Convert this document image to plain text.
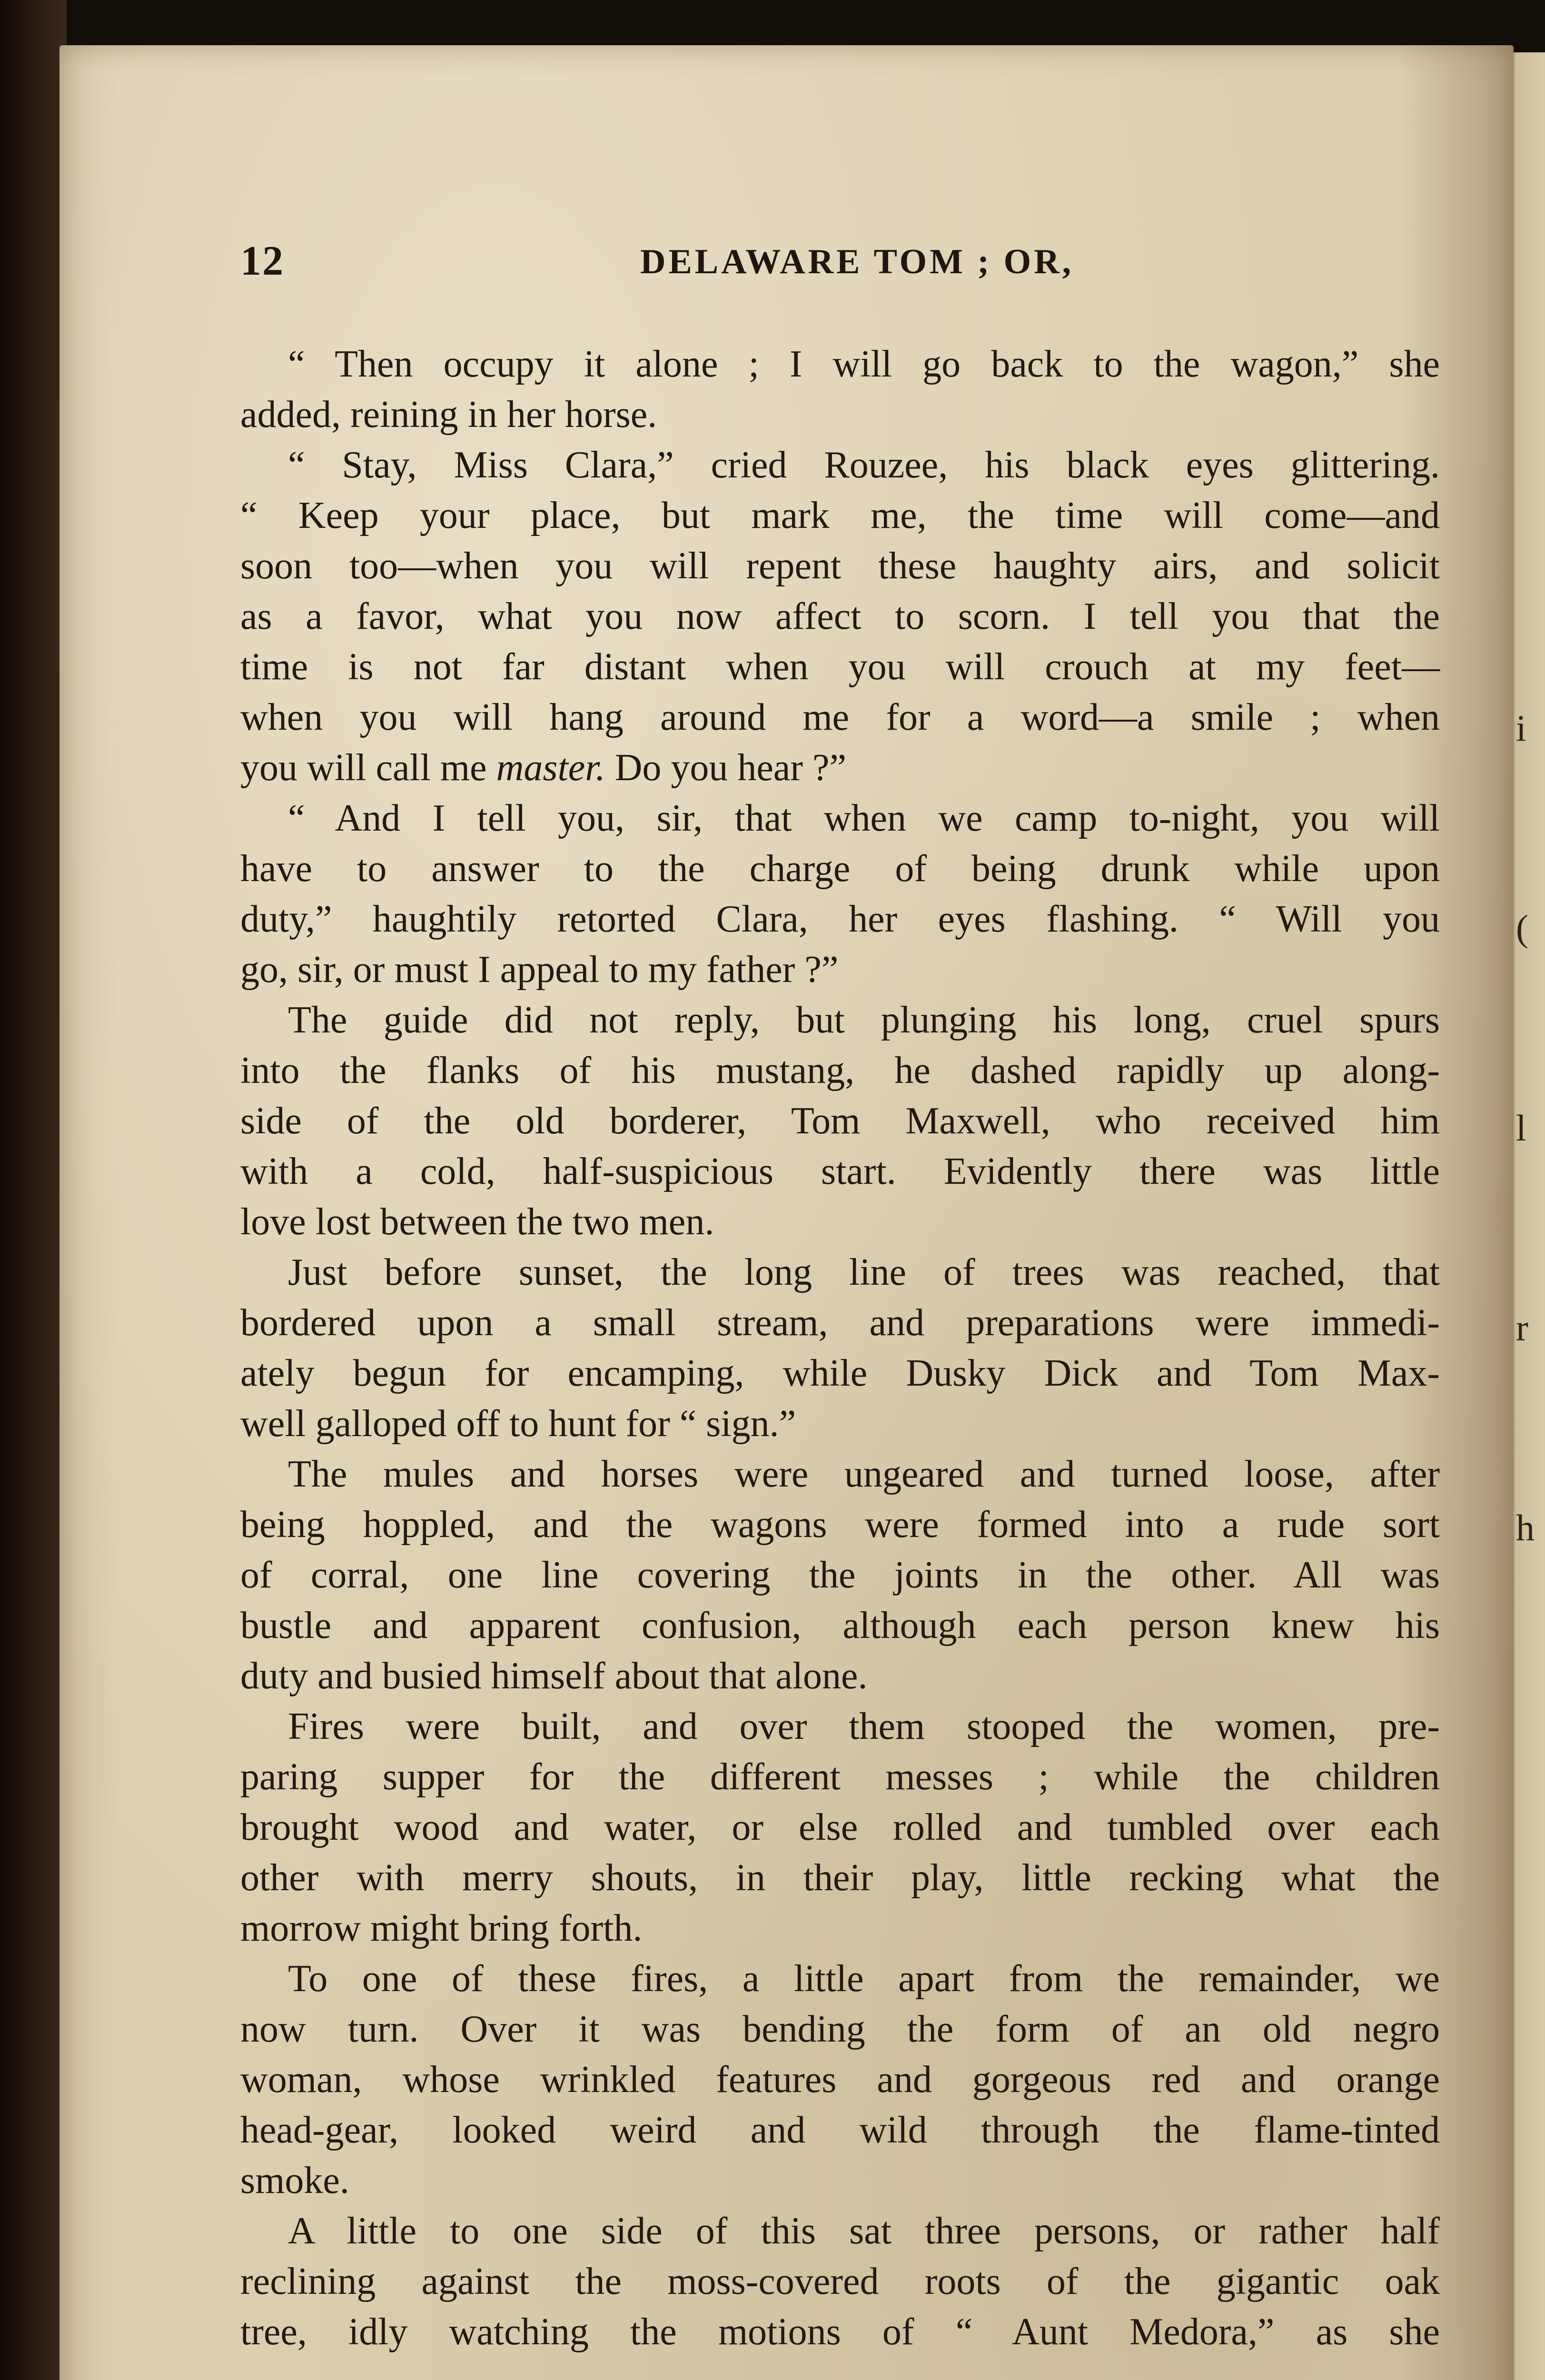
12	DELAWARE TOM ; OR,
“ Then occupy it alone ; I will go back to the wagon,” she
added, reining in her horse.
“ Stay, Miss Clara,” cried Rouzee, his black eyes glittering.
“ Keep your place, but mark me, the time will come—and
soon too—when you will repent these haughty airs, and solicit
as a favor, what you now affect to scorn. I tell you that the
time is not far distant when you will crouch at my feet—
when you will hang around me for a word—a smile ; when
you will call me master. Do you hear ?”
“ And I tell you, sir, that when we camp to-night, you will
have to answer to the charge of being drunk while upon
duty,” haughtily retorted Clara, her eyes flashing. “ Will you
go, sir, or must I appeal to my father ?”
The guide did not reply, but plunging his long, cruel spurs
into the flanks of his mustang, he dashed rapidly up along-
side of the old borderer, Tom Maxwell, who received him
with a cold, half-suspicious start. Evidently there was little
love lost between the two men.
Just before sunset, the long line of trees was reached, that
bordered upon a small stream, and preparations were immedi-
ately begun for encamping, while Dusky Dick and Tom Max-
well galloped off to hunt for “ sign.”
The mules and horses were ungeared and turned loose, after
being hoppled, and the wagons were formed into a rude sort
of corral, one line covering the joints in the other. All was
bustle and apparent confusion, although each person knew his
duty and busied himself about that alone.
Fires were built, and over them stooped the women, pre-
paring supper for the different messes ; while the children
brought wood and water, or else rolled and tumbled over each
other with merry shouts, in their play, little recking what the
morrow might bring forth.
To one of these fires, a little apart from the remainder, we
now turn. Over it was bending the form of an old negro
woman, whose wrinkled features and gorgeous red and orange
head-gear, looked weird and wild through the flame-tinted
smoke.
A little to one side of this sat three persons, or rather half
reclining against the moss-covered roots of the gigantic oak
tree, idly watching the motions of “ Aunt Medora,” as she
i
(
l
r
h
